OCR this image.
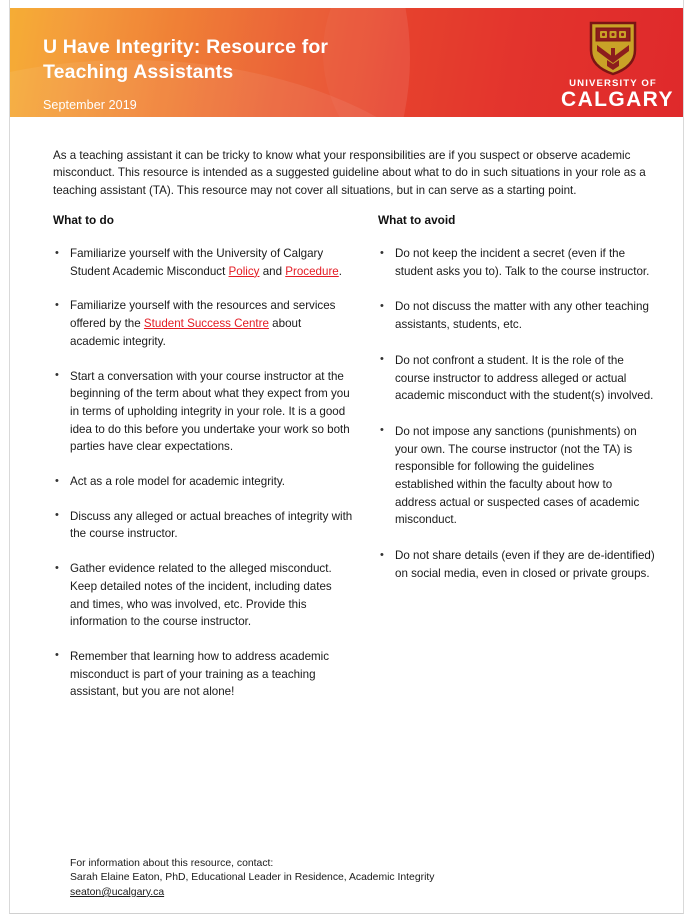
U Have Integrity: Resource for
Teaching Assistants
September 2019
UNIVERSITY OF
CALGARY

As a teaching assistant it can be tricky to know what your responsibilities are if you suspect or observe academic misconduct. This resource is intended as a suggested guideline about what to do in such situations in your role as a teaching assistant (TA). This resource may not cover all situations, but in can serve as a starting point.

What to do
• Familiarize yourself with the University of Calgary Student Academic Misconduct Policy and Procedure.
• Familiarize yourself with the resources and services offered by the Student Success Centre about academic integrity.
• Start a conversation with your course instructor at the beginning of the term about what they expect from you in terms of upholding integrity in your role. It is a good idea to do this before you undertake your work so both parties have clear expectations.
• Act as a role model for academic integrity.
• Discuss any alleged or actual breaches of integrity with the course instructor.
• Gather evidence related to the alleged misconduct. Keep detailed notes of the incident, including dates and times, who was involved, etc. Provide this information to the course instructor.
• Remember that learning how to address academic misconduct is part of your training as a teaching assistant, but you are not alone!
What to avoid
• Do not keep the incident a secret (even if the student asks you to). Talk to the course instructor.
• Do not discuss the matter with any other teaching assistants, students, etc.
• Do not confront a student. It is the role of the course instructor to address alleged or actual academic misconduct with the student(s) involved.
• Do not impose any sanctions (punishments) on your own. The course instructor (not the TA) is responsible for following the guidelines established within the faculty about how to address actual or suspected cases of academic misconduct.
• Do not share details (even if they are de-identified) on social media, even in closed or private groups.
For information about this resource, contact:
Sarah Elaine Eaton, PhD, Educational Leader in Residence, Academic Integrity
seaton@ucalgary.ca
